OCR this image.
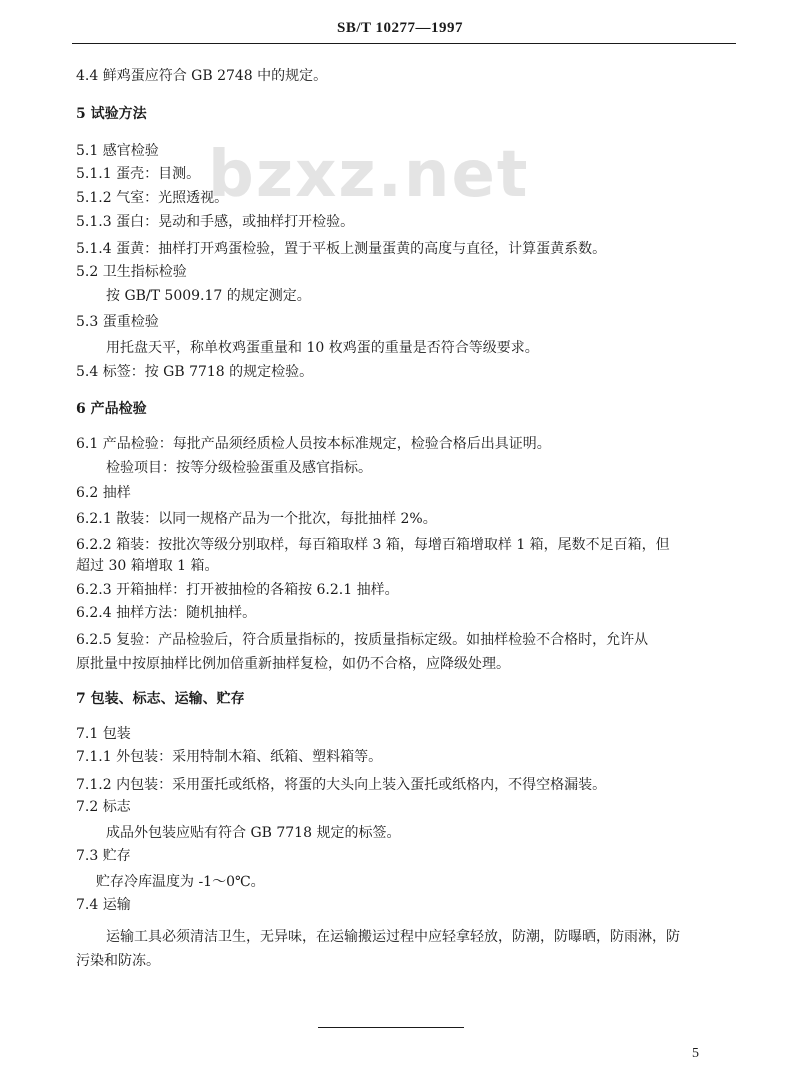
SB/T 10277—1997
bzxz.net
4.4 鲜鸡蛋应符合 GB 2748 中的规定。
5 试验方法
5.1 感官检验
5.1.1 蛋壳：目测。
5.1.2 气室：光照透视。
5.1.3 蛋白：晃动和手感，或抽样打开检验。
5.1.4 蛋黄：抽样打开鸡蛋检验，置于平板上测量蛋黄的高度与直径，计算蛋黄系数。
5.2 卫生指标检验
按 GB/T 5009.17 的规定测定。
5.3 蛋重检验
用托盘天平，称单枚鸡蛋重量和 10 枚鸡蛋的重量是否符合等级要求。
5.4 标签：按 GB 7718 的规定检验。
6 产品检验
6.1 产品检验：每批产品须经质检人员按本标准规定，检验合格后出具证明。
检验项目：按等分级检验蛋重及感官指标。
6.2 抽样
6.2.1 散装：以同一规格产品为一个批次，每批抽样 2%。
6.2.2 箱装：按批次等级分别取样，每百箱取样 3 箱，每增百箱增取样 1 箱，尾数不足百箱，但
超过 30 箱增取 1 箱。
6.2.3 开箱抽样：打开被抽检的各箱按 6.2.1 抽样。
6.2.4 抽样方法：随机抽样。
6.2.5 复验：产品检验后，符合质量指标的，按质量指标定级。如抽样检验不合格时，允许从
原批量中按原抽样比例加倍重新抽样复检，如仍不合格，应降级处理。
7 包装、标志、运输、贮存
7.1 包装
7.1.1 外包装：采用特制木箱、纸箱、塑料箱等。
7.1.2 内包装：采用蛋托或纸格，将蛋的大头向上装入蛋托或纸格内，不得空格漏装。
7.2 标志
成品外包装应贴有符合 GB 7718 规定的标签。
7.3 贮存
贮存冷库温度为 -1～0℃。
7.4 运输
运输工具必须清洁卫生，无异味，在运输搬运过程中应轻拿轻放，防潮，防曝晒，防雨淋，防
污染和防冻。
5
